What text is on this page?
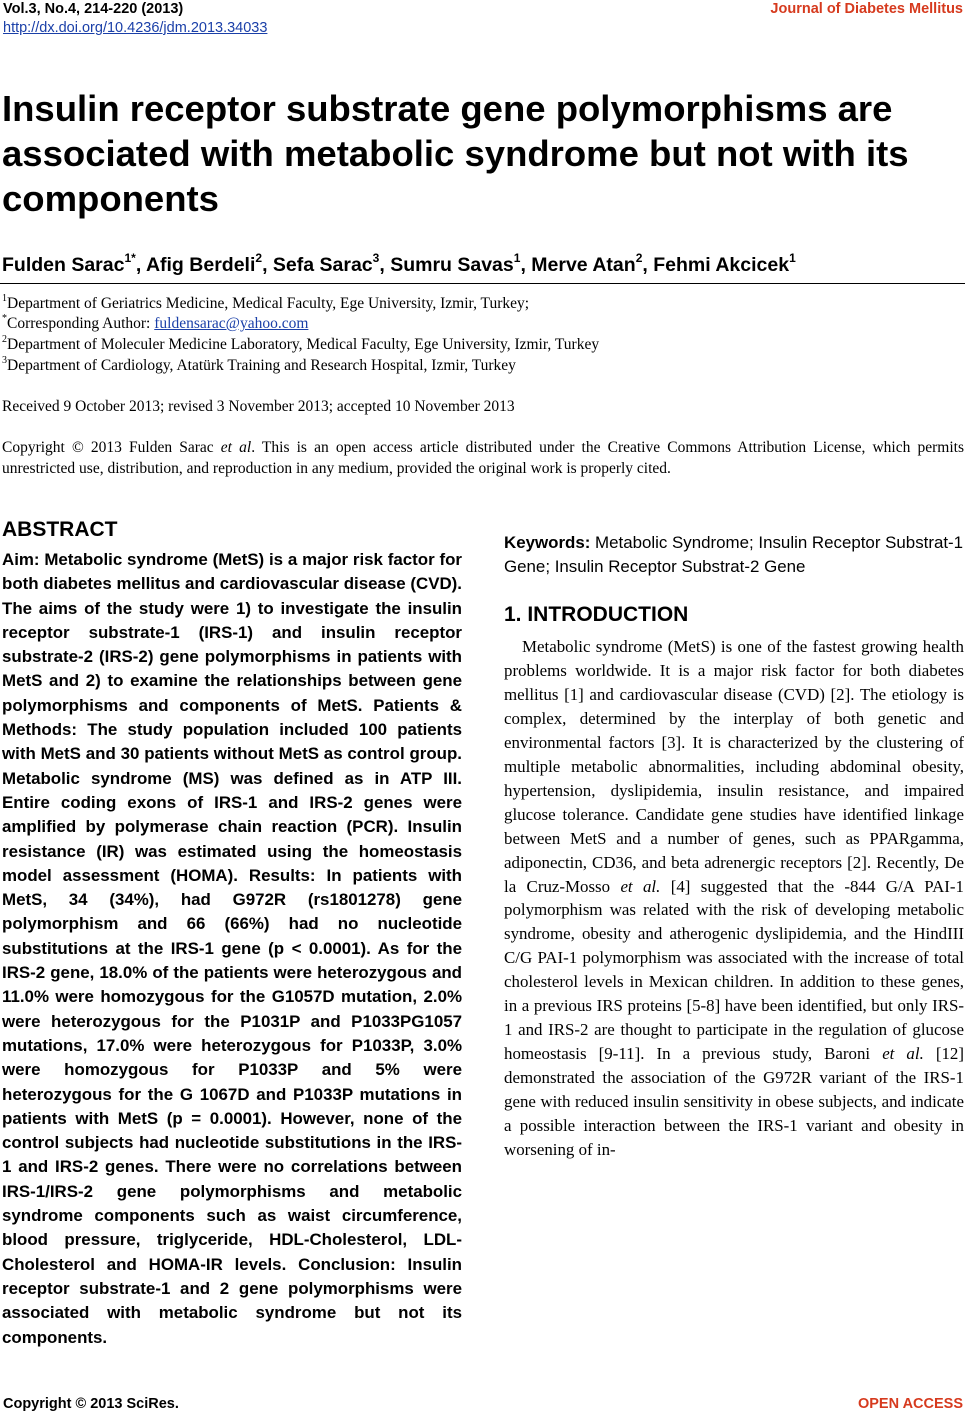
Vol.3, No.4, 214-220 (2013)
http://dx.doi.org/10.4236/jdm.2013.34033
Journal of Diabetes Mellitus
Insulin receptor substrate gene polymorphisms are associated with metabolic syndrome but not with its components
Fulden Sarac$^{1*}$, Afig Berdeli$^2$, Sefa Sarac$^3$, Sumru Savas$^1$, Merve Atan$^2$, Fehmi Akcicek$^1$
$^1$Department of Geriatrics Medicine, Medical Faculty, Ege University, Izmir, Turkey;
*Corresponding Author: fuldensarac@yahoo.com
$^2$Department of Moleculer Medicine Laboratory, Medical Faculty, Ege University, Izmir, Turkey
$^3$Department of Cardiology, Atatürk Training and Research Hospital, Izmir, Turkey
Received 9 October 2013; revised 3 November 2013; accepted 10 November 2013
Copyright © 2013 Fulden Sarac et al. This is an open access article distributed under the Creative Commons Attribution License, which permits unrestricted use, distribution, and reproduction in any medium, provided the original work is properly cited.
ABSTRACT
Aim: Metabolic syndrome (MetS) is a major risk factor for both diabetes mellitus and cardiovascular disease (CVD). The aims of the study were 1) to investigate the insulin receptor substrate-1 (IRS-1) and insulin receptor substrate-2 (IRS-2) gene polymorphisms in patients with MetS and 2) to examine the relationships between gene polymorphisms and components of MetS. Patients & Methods: The study population included 100 patients with MetS and 30 patients without MetS as control group. Metabolic syndrome (MS) was defined as in ATP III. Entire coding exons of IRS-1 and IRS-2 genes were amplified by polymerase chain reaction (PCR). Insulin resistance (IR) was estimated using the homeostasis model assessment (HOMA). Results: In patients with MetS, 34 (34%), had G972R (rs1801278) gene polymorphism and 66 (66%) had no nucleotide substitutions at the IRS-1 gene (p < 0.0001). As for the IRS-2 gene, 18.0% of the patients were heterozygous and 11.0% were homozygous for the G1057D mutation, 2.0% were heterozygous for the P1031P and P1033PG1057 mutations, 17.0% were heterozygous for P1033P, 3.0% were homozygous for P1033P and 5% were heterozygous for the G 1067D and P1033P mutations in patients with MetS (p = 0.0001). However, none of the control subjects had nucleotide substitutions in the IRS-1 and IRS-2 genes. There were no correlations between IRS-1/IRS-2 gene polymorphisms and metabolic syndrome components such as waist circumference, blood pressure, triglyceride, HDL-Cholesterol, LDL-Cholesterol and HOMA-IR levels. Conclusion: Insulin receptor substrate-1 and 2 gene polymorphisms were associated with metabolic syndrome but not its components.
Keywords: Metabolic Syndrome; Insulin Receptor Substrat-1 Gene; Insulin Receptor Substrat-2 Gene
1. INTRODUCTION

Metabolic syndrome (MetS) is one of the fastest growing health problems worldwide. It is a major risk factor for both diabetes mellitus [1] and cardiovascular disease (CVD) [2]. The etiology is complex, determined by the interplay of both genetic and environmental factors [3]. It is characterized by the clustering of multiple metabolic abnormalities, including abdominal obesity, hypertension, dyslipidemia, insulin resistance, and impaired glucose tolerance. Candidate gene studies have identified linkage between MetS and a number of genes, such as PPARgamma, adiponectin, CD36, and beta adrenergic receptors [2]. Recently, De la Cruz-Mosso et al. [4] suggested that the -844 G/A PAI-1 polymorphism was related with the risk of developing metabolic syndrome, obesity and atherogenic dyslipidemia, and the HindIII C/G PAI-1 polymorphism was associated with the increase of total cholesterol levels in Mexican children. In addition to these genes, in a previous IRS proteins [5-8] have been identified, but only IRS-1 and IRS-2 are thought to participate in the regulation of glucose homeostasis [9-11]. In a previous study, Baroni et al. [12] demonstrated the association of the G972R variant of the IRS-1 gene with reduced insulin sensitivity in obese subjects, and indicate a possible interaction between the IRS-1 variant and obesity in worsening of in-

Copyright © 2013 SciRes.	OPEN ACCESS
